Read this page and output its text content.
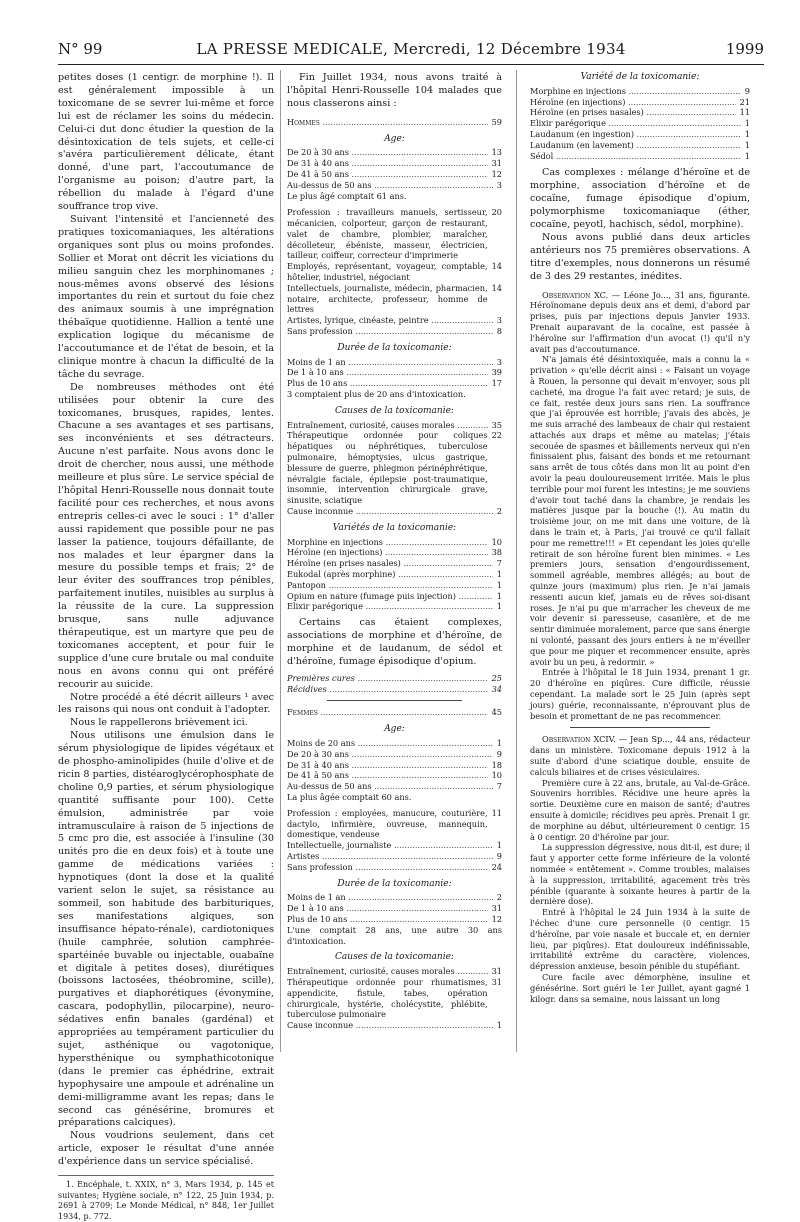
N° 99	LA PRESSE MEDICALE, Mercredi, 12 Décembre 1934	1999

petites doses (1 centigr. de morphine !). Il est généralement impossible à un toxicomane de se sevrer lui-même et force lui est de réclamer les soins du médecin. Celui-ci dut donc étudier la question de la désintoxication de tels sujets, et celle-ci s'avéra particulièrement délicate, étant donné, d'une part, l'accoutumance de l'organisme au poison; d'autre part, la rébellion du malade à l'égard d'une souffrance trop vive.

Suivant l'intensité et l'ancienneté des pratiques toxicomaniaques, les altérations organiques sont plus ou moins profondes. Sollier et Morat ont décrit les viciations du milieu sanguin chez les morphinomanes ; nous-mêmes avons observé des lésions importantes du rein et surtout du foie chez des animaux soumis à une imprégnation thébaïque quotidienne. Hallion a tenté une explication logique du mécanisme de l'accoutumance et de l'état de besoin, et la clinique montre à chacun la difficulté de la tâche du sevrage.

De nombreuses méthodes ont été utilisées pour obtenir la cure des toxicomanes, brusques, rapides, lentes. Chacune a ses avantages et ses partisans, ses inconvénients et ses détracteurs. Aucune n'est parfaite. Nous avons donc le droit de chercher, nous aussi, une méthode meilleure et plus sûre. Le service spécial de l'hôpital Henri-Rousselle nous donnait toute facilité pour ces recherches, et nous avons entrepris celles-ci avec le souci : 1° d'aller aussi rapidement que possible pour ne pas lasser la patience, toujours défaillante, de nos malades et leur épargner dans la mesure du possible temps et frais; 2° de leur éviter des souffrances trop pénibles, parfaitement inutiles, nuisibles au surplus à la réussite de la cure. La suppression brusque, sans nulle adjuvance thérapeutique, est un martyre que peu de toxicomanes acceptent, et pour fuir le supplice d'une cure brutale ou mal conduite nous en avons connu qui ont préféré recourir au suicide.

Notre procédé a été décrit ailleurs ¹ avec les raisons qui nous ont conduit à l'adopter.

Nous le rappellerons brièvement ici.

Nous utilisons une émulsion dans le sérum physiologique de lipides végétaux et de phospho-aminolipides (huile d'olive et de ricin 8 parties, distéaroglycérophosphate de choline 0,9 parties, et sérum physiologique quantité suffisante pour 100). Cette émulsion, administrée par voie intramusculaire à raison de 5 injections de 5 cmc pro die, est associée à l'insuline (30 unités pro die en deux fois) et à toute une gamme de médications variées : hypnotiques (dont la dose et la qualité varient selon le sujet, sa résistance au sommeil, son habitude des barbituriques, ses manifestations algiques, son insuffisance hépato-rénale), cardiotoniques (huile camphrée, solution camphrée-spartéinée buvable ou injectable, ouabaïne et digitale à petites doses), diurétiques (boissons lactosées, théobromine, scille), purgatives et diaphorétiques (évonymine, cascara, podophyllin, pilocarpine), neuro-sédatives enfin banales (gardénal) et appropriées au tempérament particulier du sujet, asthénique ou vagotonique, hypersthénique ou symphathicotonique (dans le premier cas éphédrine, extrait hypophysaire une ampoule et adrénaline un demi-milligramme avant les repas; dans le second cas génésérine, bromures et préparations calciques).

Nous voudrions seulement, dans cet article, exposer le résultat d'une année d'expérience dans un service spécialisé.

1. Encéphale, t. XXIX, n° 3, Mars 1934, p. 145 et suivantes; Hygiène sociale, n° 122, 25 Juin 1934, p. 2691 à 2709; Le Monde Médical, n° 848, 1er Juillet 1934, p. 772.

Fin Juillet 1934, nous avons traité à l'hôpital Henri-Rousselle 104 malades que nous classerons ainsi :

Hommes .....	59
Age:
De 20 à 30 ans .....	13
De 31 à 40 ans .....	31
De 41 à 50 ans .....	12
Au-dessus de 50 ans .....	3
Le plus âgé comptait 61 ans.
Profession : travailleurs manuels, sertisseur, mécanicien, colporteur, garçon de restaurant, valet de chambre, plombier, maraîcher, décolleteur, ébéniste, masseur, électricien, tailleur, coiffeur, correcteur d'imprimerie
20
Employés, représentant, voyageur, comptable, hôtelier, industriel, négociant
14
Intellectuels, journaliste, médecin, pharmacien, notaire, architecte, professeur, homme de lettres
14
Artistes, lyrique, cinéaste, peintre .....	3
Sans profession .....	8
Durée de la toxicomanie:
Moins de 1 an .....	3
De 1 à 10 ans .....	39
Plus de 10 ans .....	17
3 comptaient plus de 20 ans d'intoxication.
Causes de la toxicomanie:
Entraînement, curiosité, causes morales .....	35
Thérapeutique ordonnée pour coliques hépatiques ou néphrétiques, tuberculose pulmonaire, hémoptysies, ulcus gastrique, blessure de guerre, phlegmon périnéphrétique, névralgie faciale, épilepsie post-traumatique, insomnie, intervention chirurgicale grave, sinusite, sciatique
22
Cause inconnue .....	2
Variétés de la toxicomanie:
Morphine en injections .....	10
Héroïne (en injections) .....	38
Héroïne (en prises nasales) .....	7
Eukodal (après morphine) .....	1
Pantopon .....	1
Opium en nature (fumage puis injection) .....	1
Elixir parégorique .....	1

Certains cas étaient complexes, associations de morphine et d'héroïne, de morphine et de laudanum, de sédol et d'héroïne, fumage épisodique d'opium.

Premières cures .....	25
Récidives .....	34
Femmes .....	45
Age:
Moins de 20 ans .....	1
De 20 à 30 ans .....	9
De 31 à 40 ans .....	18
De 41 à 50 ans .....	10
Au-dessus de 50 ans .....	7
La plus âgée comptait 60 ans.
Profession : employées, manucure, couturière, dactylo, infirmière, ouvreuse, mannequin, domestique, vendeuse
11
Intellectuelle, journaliste .....	1
Artistes .....	9
Sans profession .....	24
Durée de la toxicomanie:
Moins de 1 an .....	2
De 1 à 10 ans .....	31
Plus de 10 ans .....	12
L'une comptait 28 ans, une autre 30 ans d'intoxication.
Causes de la toxicomanie:
Entraînement, curiosité, causes morales .....	31
Thérapeutique ordonnée pour rhumatismes, appendicite, fistule, tabes, opération chirurgicale, hystérie, cholécystite, phlébite, tuberculose pulmonaire
31
Cause inconnue .....	1
Variété de la toxicomanie:
Morphine en injections .....	9
Héroïne (en injections) .....	21
Héroïne (en prises nasales) .....	11
Elixir parégorique .....	1
Laudanum (en ingestion) .....	1
Laudanum (en lavement) .....	1
Sédol .....	1

Cas complexes : mélange d'héroïne et de morphine, association d'héroïne et de cocaïne, fumage épisodique d'opium, polymorphisme toxicomaniaque (éther, cocaïne, peyotl, hachisch, sédol, morphine).

Nous avons publié dans deux articles antérieurs nos 75 premières observations. A titre d'exemples, nous donnerons un résumé de 3 des 29 restantes, inédites.

Observation XC. — Léone Jo..., 31 ans, figurante. Héroïnomane depuis deux ans et demi, d'abord par prises, puis par injections depuis Janvier 1933. Prenait auparavant de la cocaïne, est passée à l'héroïne sur l'affirmation d'un avocat (!) qu'il n'y avait pas d'accoutumance.

N'a jamais été désintoxiquée, mais a connu la « privation » qu'elle décrit ainsi : « Faisant un voyage à Rouen, la personne qui devait m'envoyer, sous pli cacheté, ma drogue l'a fait avec retard; je suis, de ce fait, restée deux jours sans rien. La souffrance que j'ai éprouvée est horrible; j'avais des abcès, je me suis arraché des lambeaux de chair qui restaient attachés aux draps et même au matelas; j'étais secouée de spasmes et bâillements nerveux qui n'en finissaient plus, faisant des bonds et me retournant sans arrêt de tous côtés dans mon lit au point d'en avoir la peau douloureusement irritée. Mais le plus terrible pour moi furent les intestins; je me souviens d'avoir tout taché dans la chambre, je rendais les matières jusque par la bouche (!). Au matin du troisième jour, on me mit dans une voiture, de là dans le train et, à Paris, j'ai trouvé ce qu'il fallait pour me remettre!!! » Et cependant les joies qu'elle retirait de son héroïne furent bien minimes. « Les premiers jours, sensation d'engourdissement, sommeil agréable, membres allégés; au bout de quinze jours (maximum) plus rien. Je n'ai jamais ressenti aucun kief, jamais eu de rêves soi-disant roses. Je n'ai pu que m'arracher les cheveux de me voir devenir si paresseuse, casanière, et de me sentir diminuée moralement, parce que sans énergie ni volonté, passant des jours entiers à ne m'éveiller que pour me piquer et recommencer ensuite, après avoir bu un peu, à redormir. »

Entrée à l'hôpital le 18 Juin 1934, prenant 1 gr. 20 d'héroïne en piqûres. Cure difficile, réussie cependant. La malade sort le 25 Juin (après sept jours) guérie, reconnaissante, n'éprouvant plus de besoin et promettant de ne pas recommencer.

Observation XCIV. — Jean Sp..., 44 ans, rédacteur dans un ministère. Toxicomane depuis 1912 à la suite d'abord d'une sciatique double, ensuite de calculs biliaires et de crises vésiculaires.

Première cure à 22 ans, brutale, au Val-de-Grâce. Souvenirs horribles. Récidive une heure après la sortie. Deuxième cure en maison de santé; d'autres ensuite à domicile; récidives peu après. Prenait 1 gr. de morphine au début, ultérieurement 0 centigr. 15 à 0 centigr. 20 d'héroïne par jour.

La suppression dégressive, nous dit-il, est dure; il faut y apporter cette forme inférieure de la volonté nommée « entêtement ». Comme troubles, malaises à la suppression, irritabilité, agacement très très pénible (quarante à soixante heures à partir de la dernière dose).

Entré à l'hôpital le 24 Juin 1934 à la suite de l'échec d'une cure personnelle (0 centigr. 15 d'héroïne, par voie nasale et buccale et, en dernier lieu, par piqûres). Etat douloureux indéfinissable, irritabilité extrême du caractère, violences, dépression anxieuse, besoin pénible du stupéfiant.

Cure facile avec démorphène, insuline et génésérine. Sort guéri le 1er Juillet, ayant gagné 1 kilogr. dans sa semaine, nous laissant un long
